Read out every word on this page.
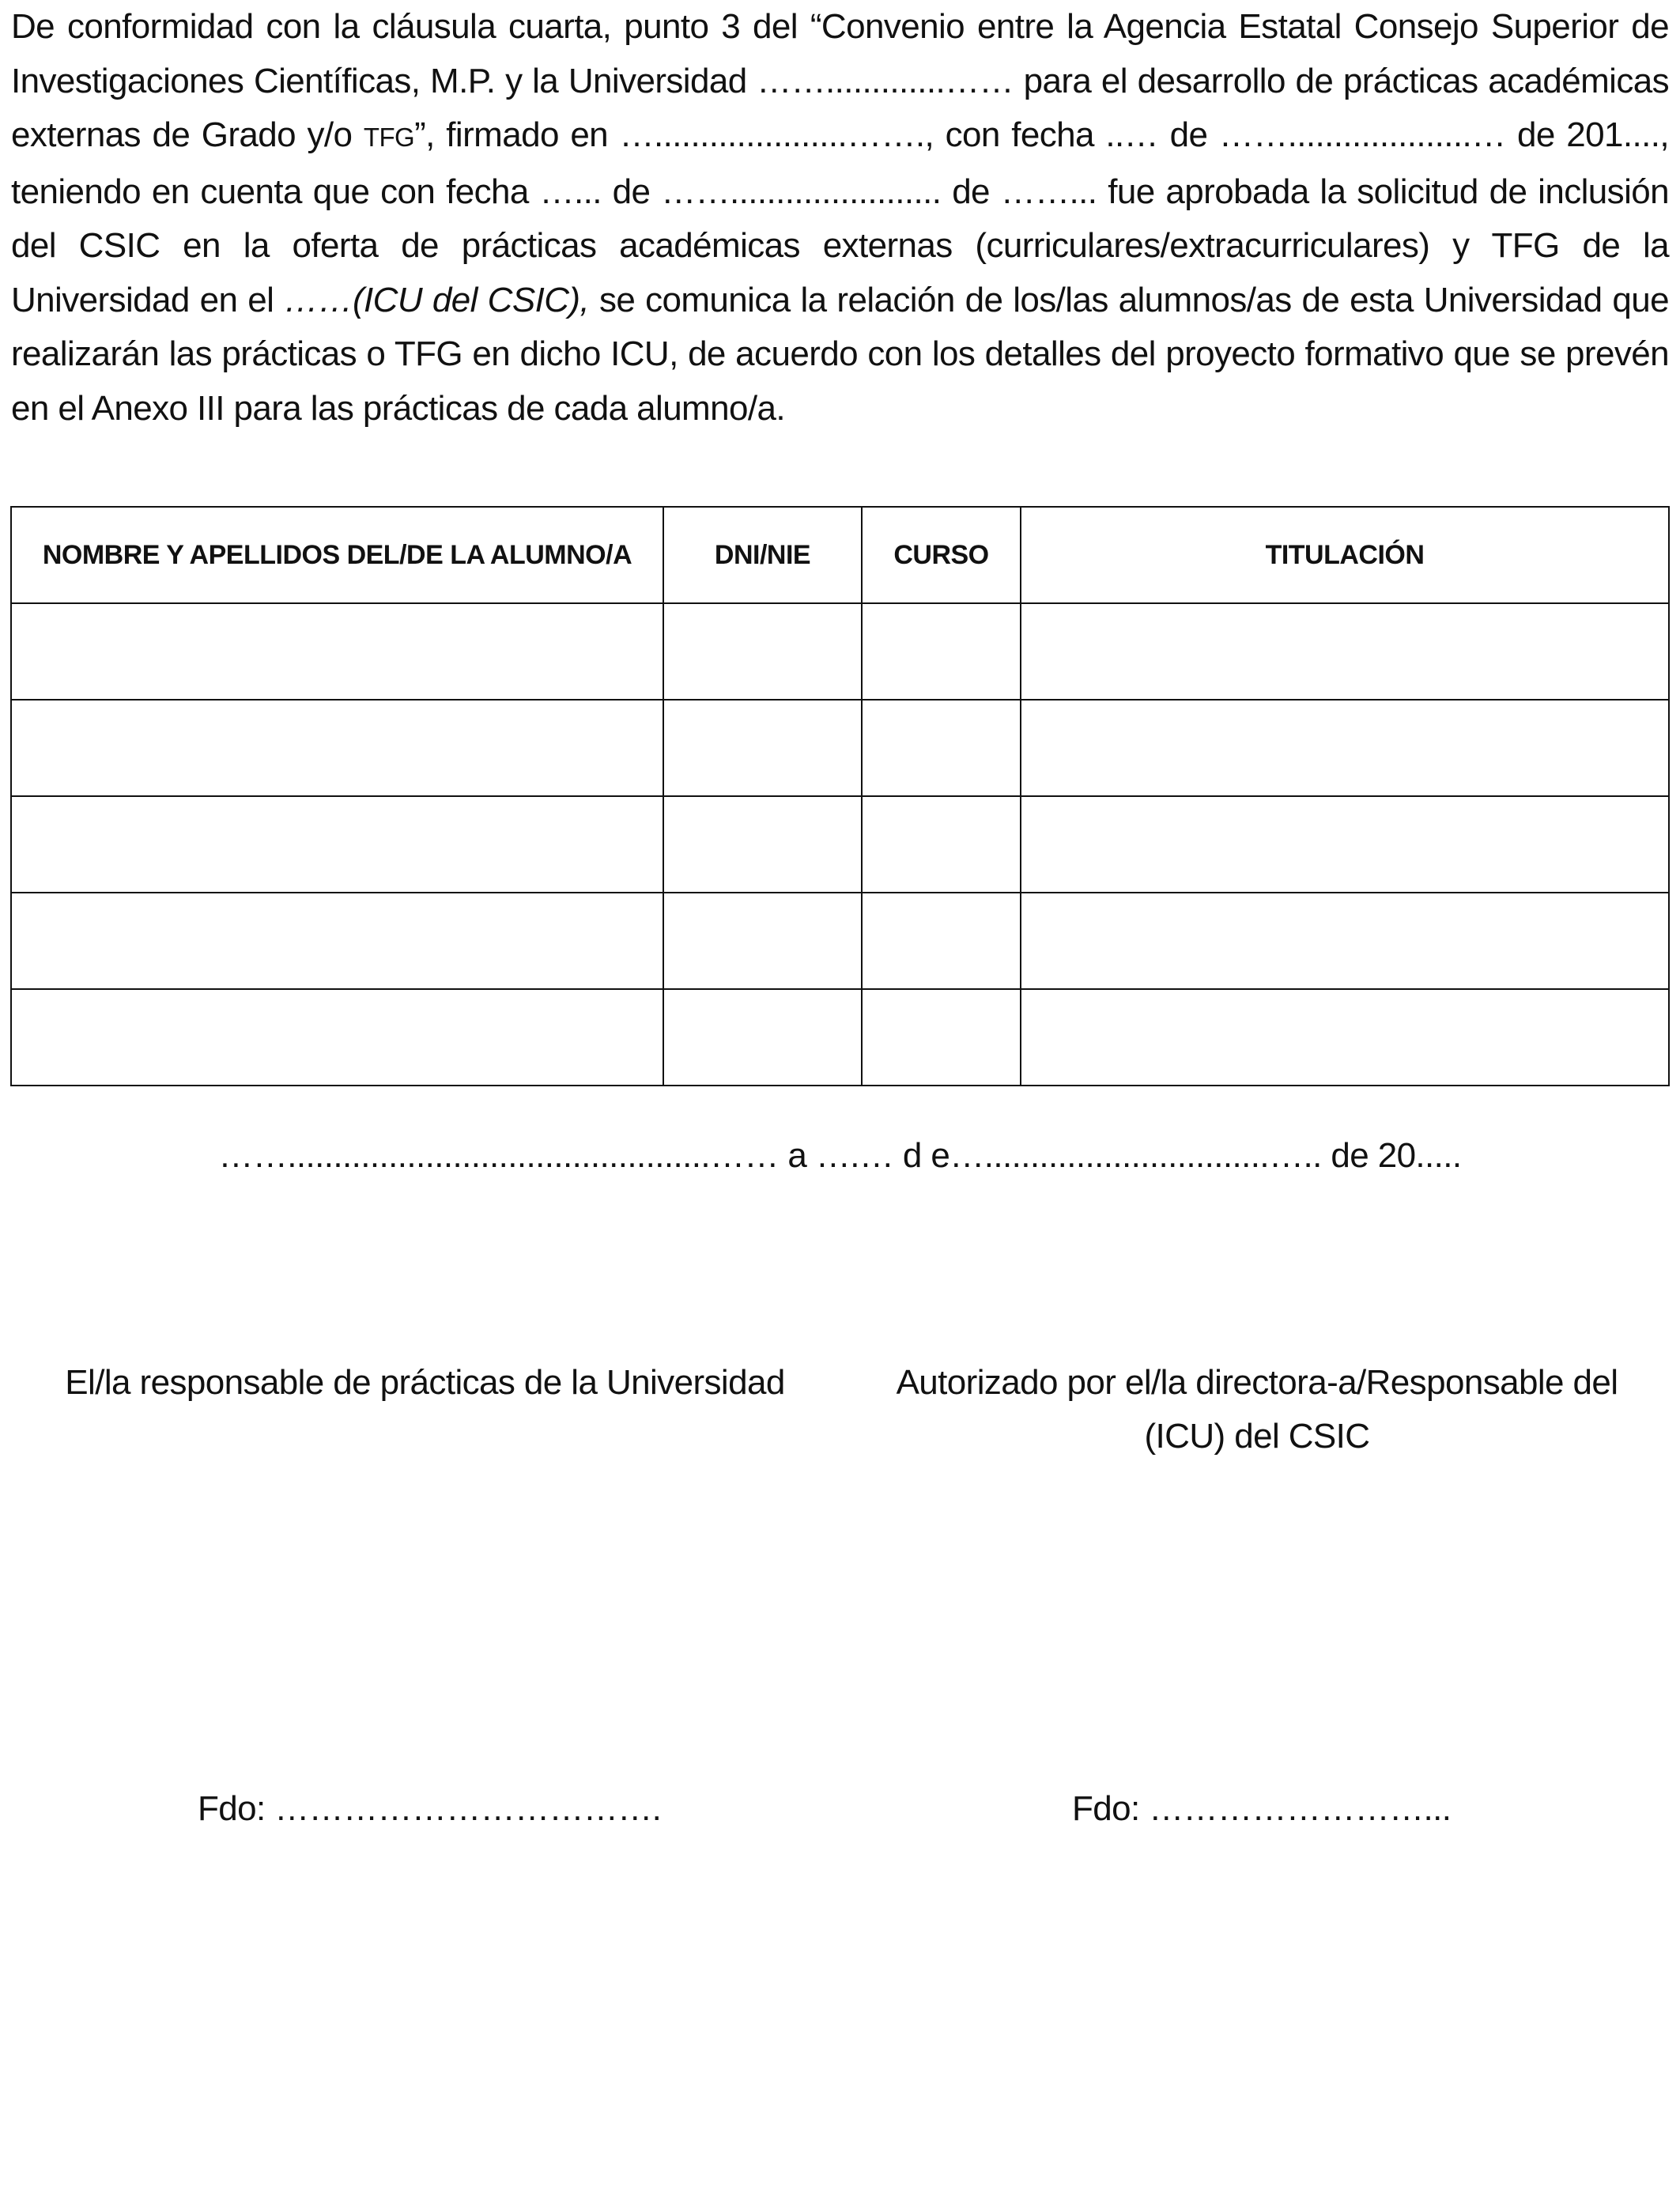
De conformidad con la cláusula cuarta, punto 3 del “Convenio entre la Agencia Estatal Consejo Superior de Investigaciones Científicas, M.P. y la Universidad …….............…… para el desarrollo de prácticas académicas externas de Grado y/o TFG”, firmado en ….....................……., con fecha ..… de ……....................… de 201...., teniendo en cuenta que con fecha …... de ……....................... de ……... fue aprobada la solicitud de inclusión del CSIC en la oferta de prácticas académicas externas (curriculares/extracurriculares) y TFG de la Universidad en el ……(ICU del CSIC), se comunica la relación de los/las alumnos/as de esta Universidad que realizarán las prácticas o TFG en dicho ICU, de acuerdo con los detalles del proyecto formativo que se prevén en el Anexo III para las prácticas de cada alumno/a.

NOMBRE Y APELLIDOS DEL/DE LA ALUMNO/A	DNI/NIE	CURSO	TITULACIÓN

……..............................................…… a ….… d e…...............................….. de 20.....
El/la responsable de prácticas de la Universidad	Autorizado por el/la directora-a/Responsable del (ICU) del CSIC
Fdo: …………………………….	Fdo: ……………………...
